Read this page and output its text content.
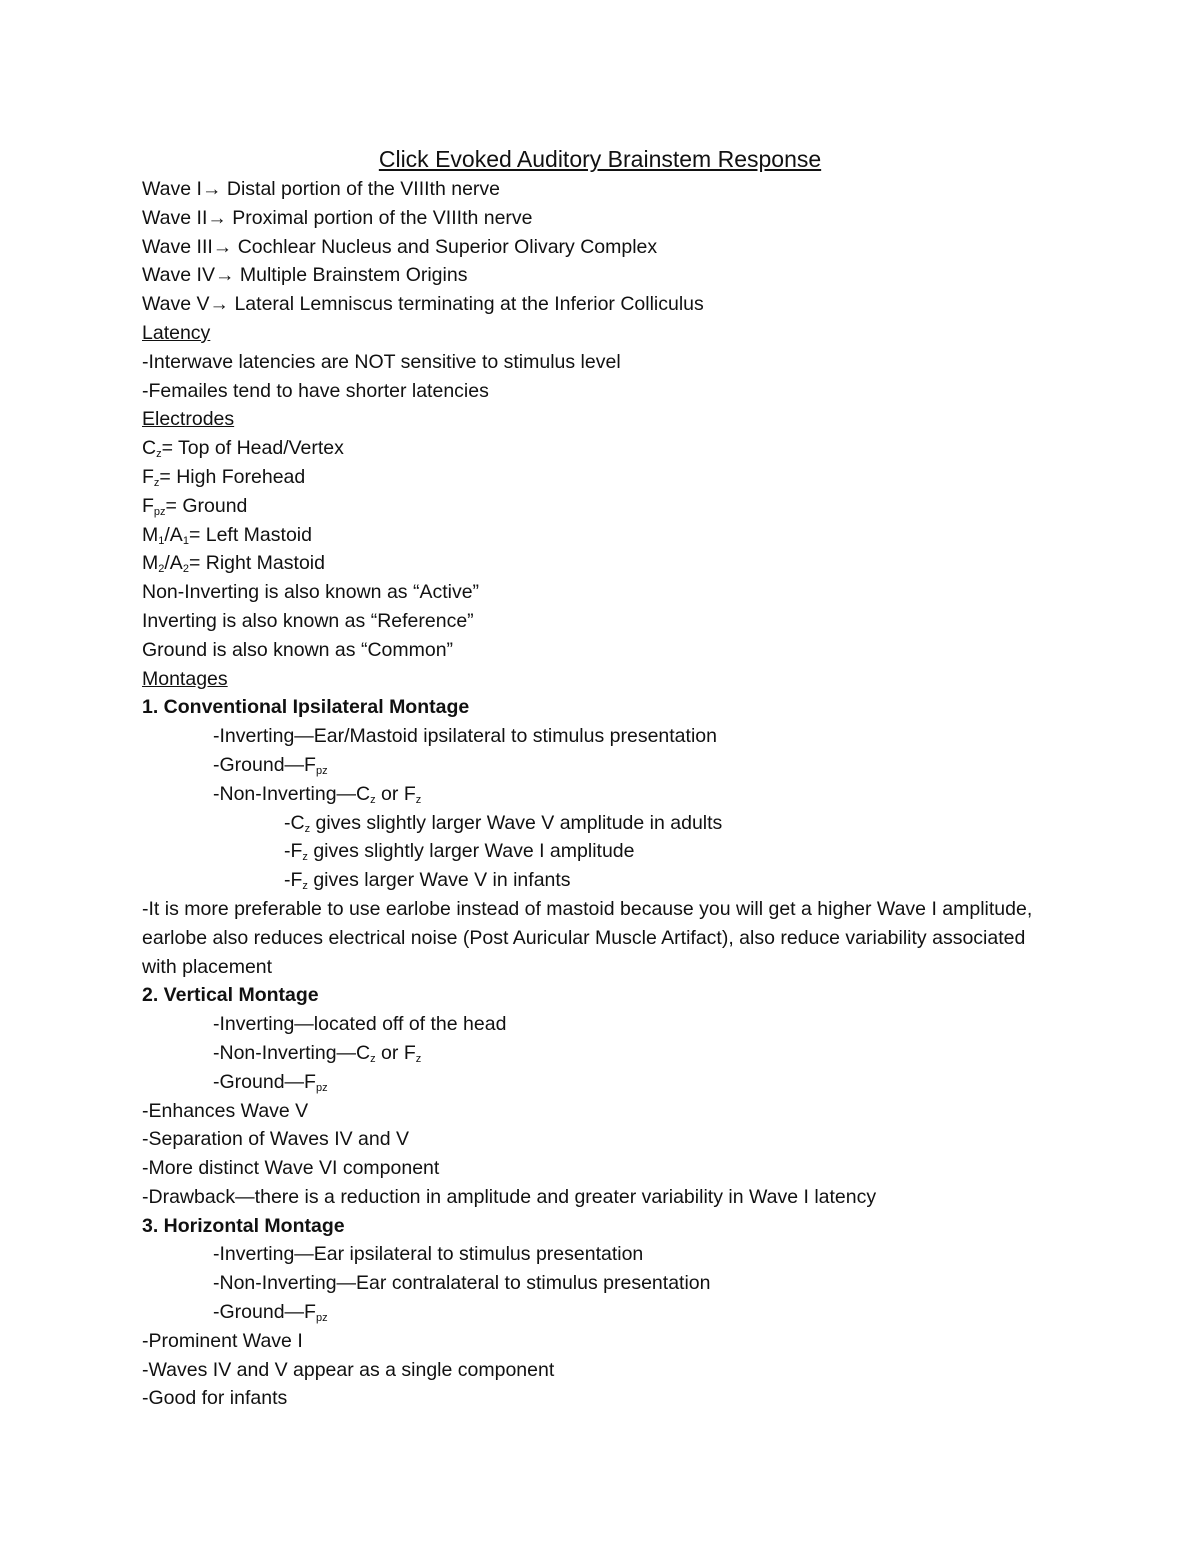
Click Evoked Auditory Brainstem Response
Wave I→ Distal portion of the VIIIth nerve
Wave II→ Proximal portion of the VIIIth nerve
Wave III→ Cochlear Nucleus and Superior Olivary Complex
Wave IV→ Multiple Brainstem Origins
Wave V→ Lateral Lemniscus terminating at the Inferior Colliculus
Latency
-Interwave latencies are NOT sensitive to stimulus level
-Femailes tend to have shorter latencies
Electrodes
$C_z=$ Top of Head/Vertex
$F_z=$ High Forehead
$F_{pz}=$ Ground
$M_1/A_1=$ Left Mastoid
$M_2/A_2=$ Right Mastoid
Non-Inverting is also known as “Active”
Inverting is also known as “Reference”
Ground is also known as “Common”
Montages
1. Conventional Ipsilateral Montage
-Inverting—Ear/Mastoid ipsilateral to stimulus presentation
$-Ground—F_{pz}$
$-Non-Inverting—C_z$ or $F_z$
$-C_z$ gives slightly larger Wave V amplitude in adults
$-F_z$ gives slightly larger Wave I amplitude
$-F_z$ gives larger Wave V in infants
-It is more preferable to use earlobe instead of mastoid because you will get a higher Wave I amplitude, earlobe also reduces electrical noise (Post Auricular Muscle Artifact), also reduce variability associated with placement
2. Vertical Montage
-Inverting—located off of the head
$-Non-Inverting—C_z$ or $F_z$
$-Ground—F_{pz}$
-Enhances Wave V
-Separation of Waves IV and V
-More distinct Wave VI component
-Drawback—there is a reduction in amplitude and greater variability in Wave I latency
3. Horizontal Montage
-Inverting—Ear ipsilateral to stimulus presentation
-Non-Inverting—Ear contralateral to stimulus presentation
$-Ground—F_{pz}$
-Prominent Wave I
-Waves IV and V appear as a single component
-Good for infants
